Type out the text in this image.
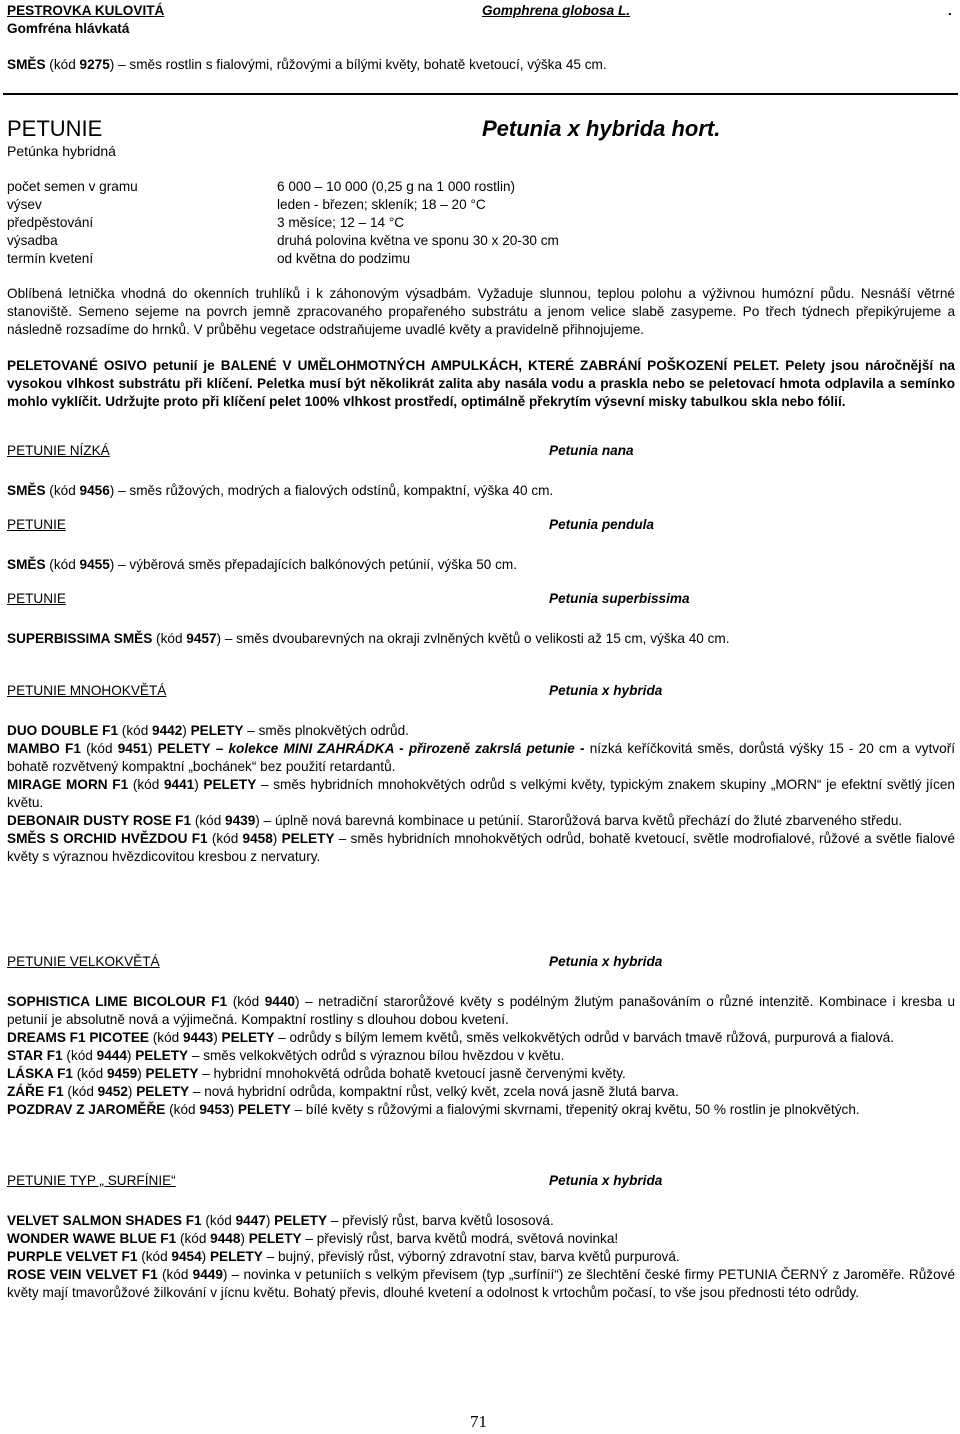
PESTROVKA KULOVITÁ	Gomphrena globosa L.	.
Gomfréna hlávkatá
SMĚS (kód 9275) – směs rostlin s fialovými, růžovými a bílými květy, bohatě kvetoucí, výška 45 cm.
PETUNIE	Petunia x hybrida hort.
Petúnka hybridná
počet semen v gramu	6 000 – 10 000 (0,25 g na 1 000 rostlin)
výsev	leden - březen; skleník; 18 – 20 °C
předpěstování	3 měsíce; 12 – 14 °C
výsadba	druhá polovina května ve sponu 30 x 20-30 cm
termín kvetení	od května do podzimu
Oblíbená letnička vhodná do okenních truhlíků i k záhonovým výsadbám. Vyžaduje slunnou, teplou polohu a výživnou humózní půdu. Nesnáší větrné stanoviště. Semeno sejeme na povrch jemně zpracovaného propařeného substrátu a jenom velice slabě zasypeme. Po třech týdnech přepikýrujeme a následně rozsadíme do hrnků. V průběhu vegetace odstraňujeme uvadlé květy a pravidelně přihnojujeme.
PELETOVANÉ OSIVO petunií je BALENÉ V UMĚLOHMOTNÝCH AMPULKÁCH, KTERÉ ZABRÁNÍ POŠKOZENÍ PELET. Pelety jsou náročnější na vysokou vlhkost substrátu při klíčení. Peletka musí být několikrát zalita aby nasála vodu a praskla nebo se peletovací hmota odplavila a semínko mohlo vyklíčit. Udržujte proto při klíčení pelet 100% vlhkost prostředí, optimálně překrytím výsevní misky tabulkou skla nebo fólií.
PETUNIE NÍZKÁ	Petunia nana
SMĚS (kód 9456) – směs růžových, modrých a fialových odstínů, kompaktní, výška 40 cm.
PETUNIE	Petunia pendula
SMĚS (kód 9455) – výběrová směs přepadajících balkónových petúnií, výška 50 cm.
PETUNIE	Petunia superbissima
SUPERBISSIMA SMĚS (kód 9457) – směs dvoubarevných na okraji zvlněných květů o velikosti až 15 cm, výška 40 cm.
PETUNIE MNOHOKVĚTÁ	Petunia x hybrida
DUO DOUBLE F1 (kód 9442) PELETY – směs plnokvětých odrůd.
MAMBO F1 (kód 9451) PELETY – kolekce MINI ZAHRÁDKA - přirozeně zakrslá petunie - nízká keříčkovitá směs, dorůstá výšky 15 - 20 cm a vytvoří bohatě rozvětvený kompaktní „bochánek“ bez použití retardantů.
MIRAGE MORN F1 (kód 9441) PELETY – směs hybridních mnohokvětých odrůd s velkými květy, typickým znakem skupiny „MORN“ je efektní světlý jícen květu.
DEBONAIR DUSTY ROSE F1 (kód 9439) – úplně nová barevná kombinace u petúnií. Starorůžová barva květů přechází do žluté zbarveného středu.
SMĚS S ORCHID HVĚZDOU F1 (kód 9458) PELETY – směs hybridních mnohokvětých odrůd, bohatě kvetoucí, světle modrofialové, růžové a světle fialové květy s výraznou hvězdicovitou kresbou z nervatury.
PETUNIE VELKOKVĚTÁ	Petunia x hybrida
SOPHISTICA LIME BICOLOUR F1 (kód 9440) – netradiční starorůžové květy s podélným žlutým panašováním o různé intenzitě. Kombinace i kresba u petunií je absolutně nová a výjimečná. Kompaktní rostliny s dlouhou dobou kvetení.
DREAMS F1 PICOTEE (kód 9443) PELETY – odrůdy s bílým lemem květů, směs velkokvětých odrůd v barvách tmavě růžová, purpurová a fialová.
STAR F1 (kód 9444) PELETY – směs velkokvětých odrůd s výraznou bílou hvězdou v květu.
LÁSKA F1 (kód 9459) PELETY – hybridní mnohokvětá odrůda bohatě kvetoucí jasně červenými květy.
ZÁŘE F1 (kód 9452) PELETY – nová hybridní odrůda, kompaktní růst, velký květ, zcela nová jasně žlutá barva.
POZDRAV Z JAROMĚŘE (kód 9453) PELETY – bílé květy s růžovými a fialovými skvrnami, třepenitý okraj květu, 50 % rostlin je plnokvětých.
PETUNIE TYP „ SURFÍNIE“	Petunia x hybrida
VELVET SALMON SHADES F1 (kód 9447) PELETY – převislý růst, barva květů lososová.
WONDER WAWE BLUE F1 (kód 9448) PELETY – převislý růst, barva květů modrá, světová novinka!
PURPLE VELVET F1 (kód 9454) PELETY – bujný, převislý růst, výborný zdravotní stav, barva květů purpurová.
ROSE VEIN VELVET F1 (kód 9449) – novinka v petuniích s velkým převisem (typ „surfínií“) ze šlechtění české firmy PETUNIA ČERNÝ z Jaroměře. Růžové květy mají tmavorůžové žilkování v jícnu květu. Bohatý převis, dlouhé kvetení a odolnost k vrtochům počasí, to vše jsou přednosti této odrůdy.
71
